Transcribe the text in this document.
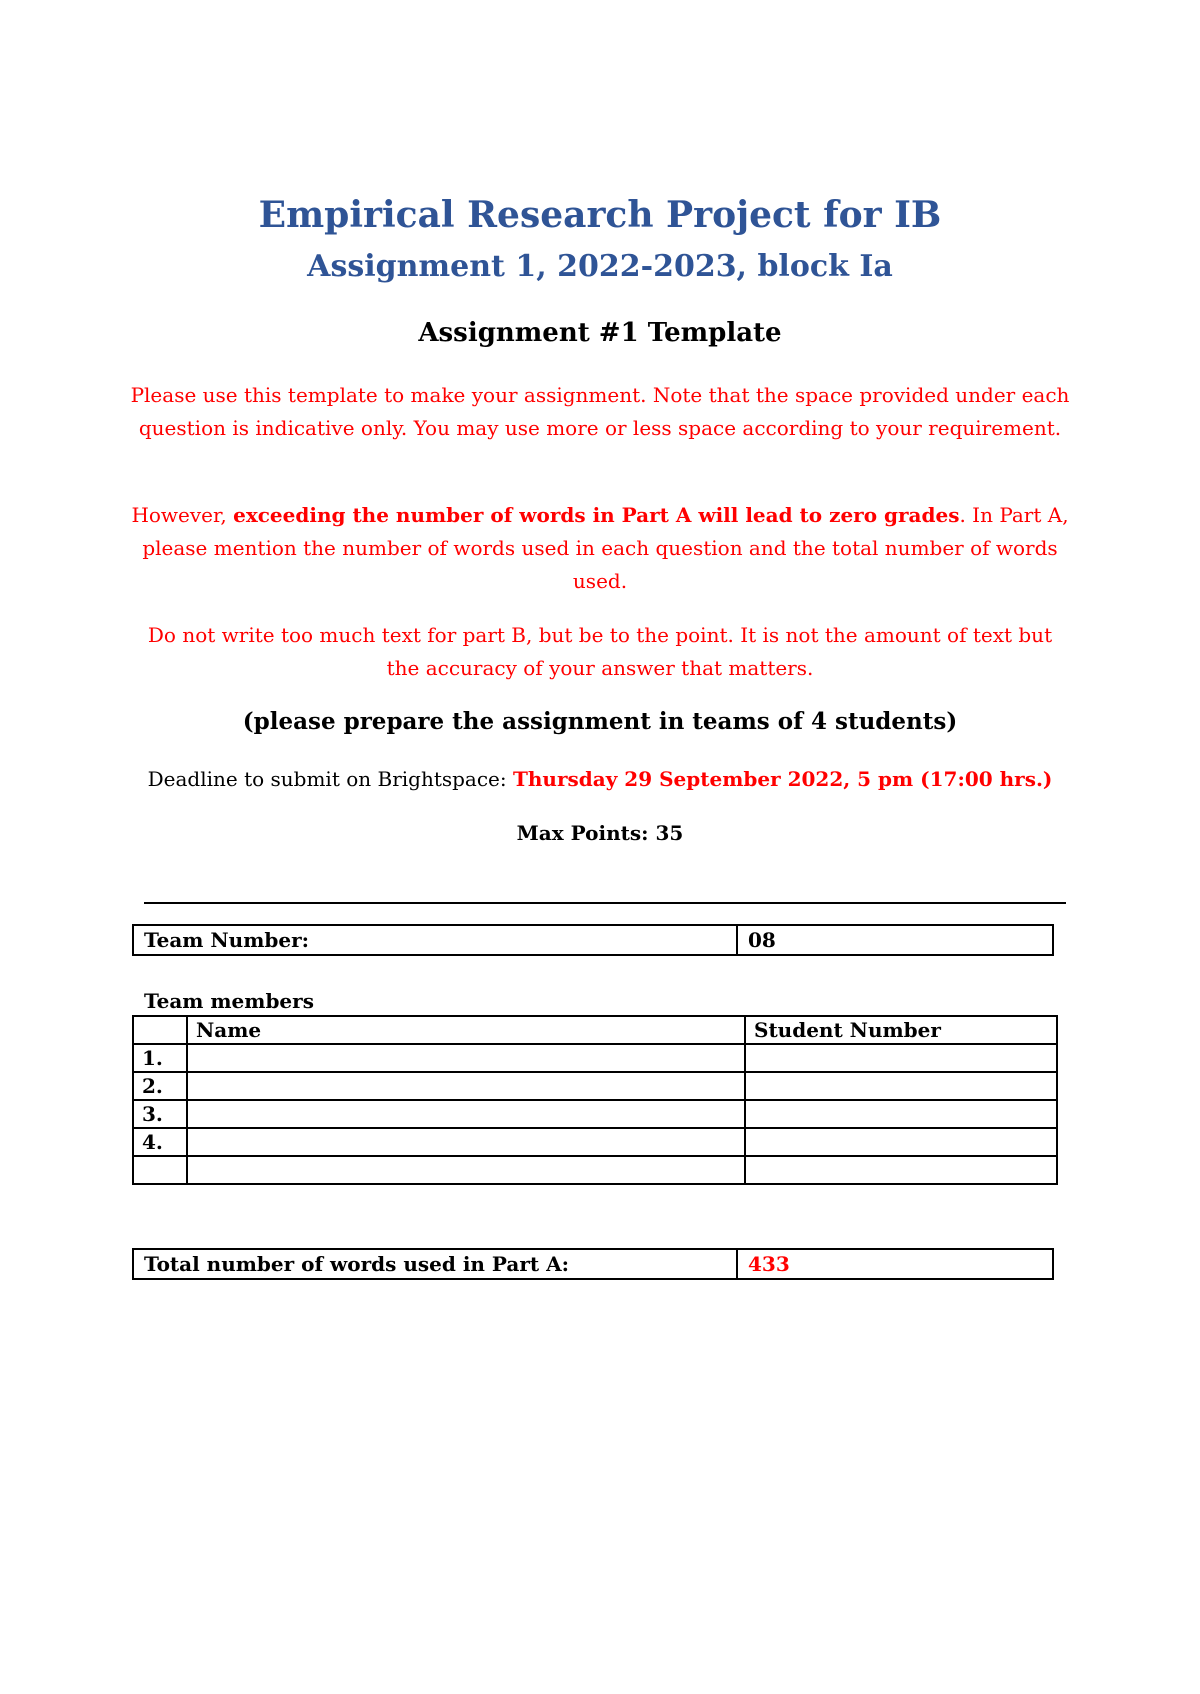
Empirical Research Project for IB
Assignment 1, 2022-2023, block Ia
Assignment #1 Template
Please use this template to make your assignment. Note that the space provided under each question is indicative only. You may use more or less space according to your requirement.
However, exceeding the number of words in Part A will lead to zero grades. In Part A, please mention the number of words used in each question and the total number of words used.
Do not write too much text for part B, but be to the point. It is not the amount of text but the accuracy of your answer that matters.
(please prepare the assignment in teams of 4 students)
Deadline to submit on Brightspace: Thursday 29 September 2022, 5 pm (17:00 hrs.)
Max Points: 35
Team Number:	08
Team members
	Name	Student Number
1.		
2.		
3.		
4.		

Total number of words used in Part A:	433
